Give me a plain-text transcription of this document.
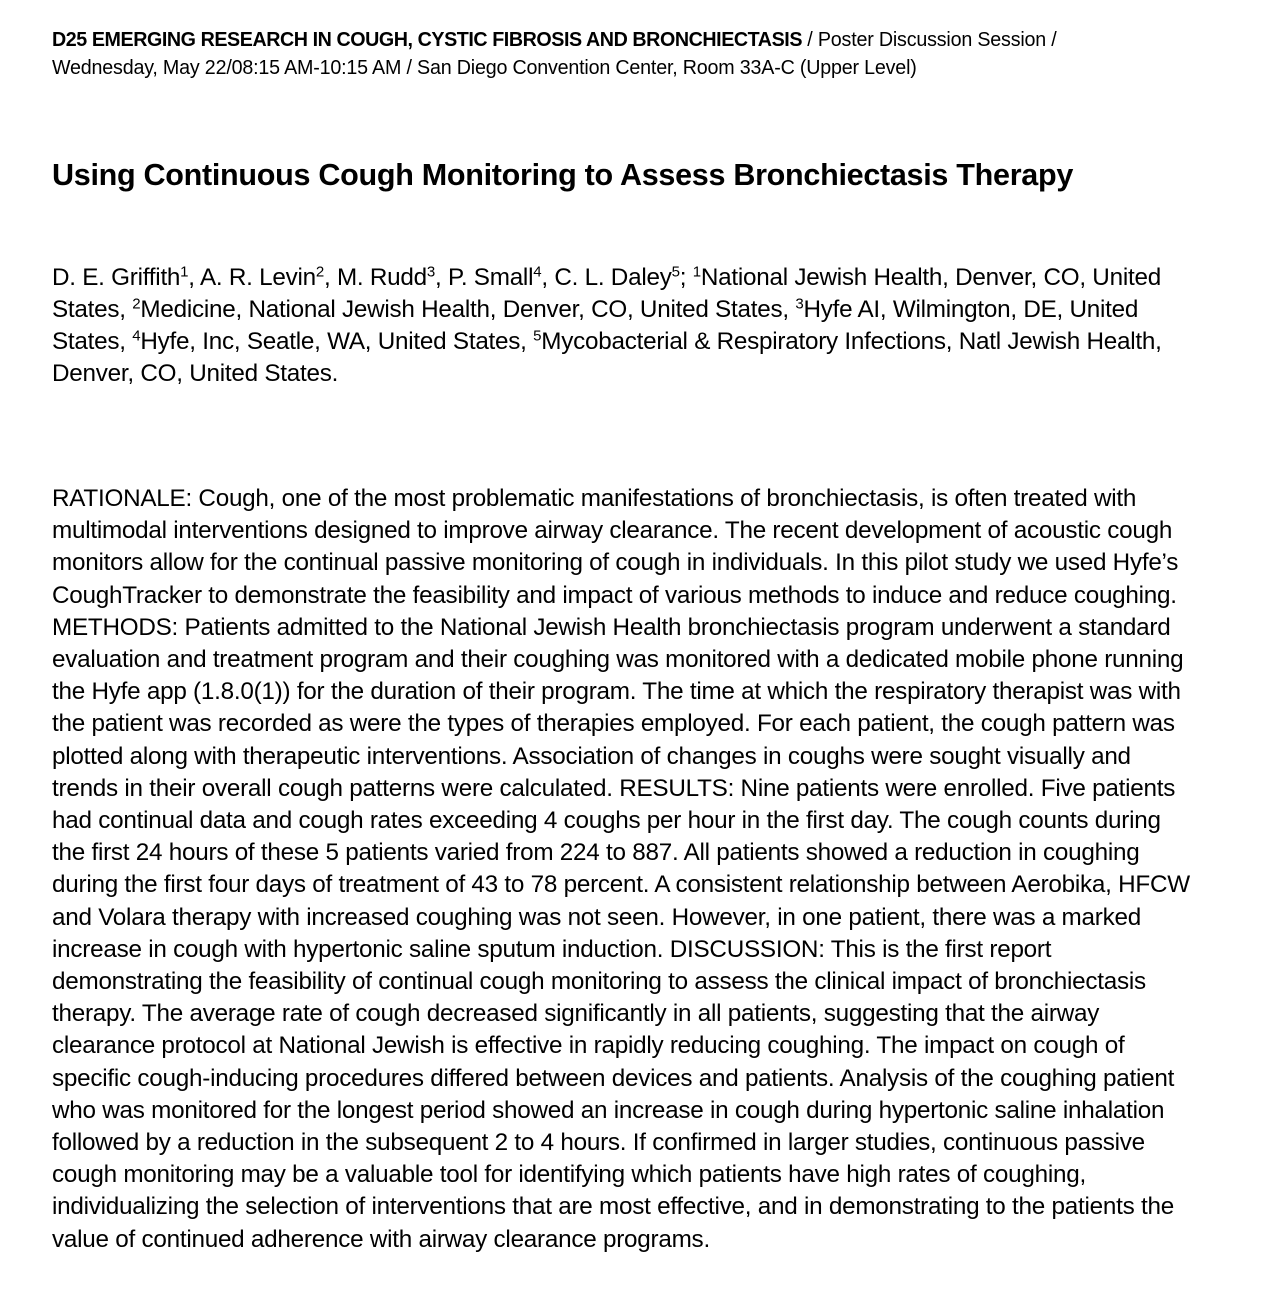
D25 EMERGING RESEARCH IN COUGH, CYSTIC FIBROSIS AND BRONCHIECTASIS / Poster Discussion Session / Wednesday, May 22/08:15 AM-10:15 AM / San Diego Convention Center, Room 33A-C (Upper Level)
Using Continuous Cough Monitoring to Assess Bronchiectasis Therapy
D. E. Griffith$^1$, A. R. Levin$^2$, M. Rudd$^3$, P. Small$^4$, C. L. Daley$^5$; $^1$National Jewish Health, Denver, CO, United States, $^2$Medicine, National Jewish Health, Denver, CO, United States, $^3$Hyfe AI, Wilmington, DE, United States, $^4$Hyfe, Inc, Seatle, WA, United States, $^5$Mycobacterial & Respiratory Infections, Natl Jewish Health, Denver, CO, United States.

RATIONALE: Cough, one of the most problematic manifestations of bronchiectasis, is often treated with multimodal interventions designed to improve airway clearance. The recent development of acoustic cough monitors allow for the continual passive monitoring of cough in individuals. In this pilot study we used Hyfe’s CoughTracker to demonstrate the feasibility and impact of various methods to induce and reduce coughing. METHODS: Patients admitted to the National Jewish Health bronchiectasis program underwent a standard evaluation and treatment program and their coughing was monitored with a dedicated mobile phone running the Hyfe app (1.8.0(1)) for the duration of their program. The time at which the respiratory therapist was with the patient was recorded as were the types of therapies employed. For each patient, the cough pattern was plotted along with therapeutic interventions. Association of changes in coughs were sought visually and trends in their overall cough patterns were calculated. RESULTS: Nine patients were enrolled. Five patients had continual data and cough rates exceeding 4 coughs per hour in the first day. The cough counts during the first 24 hours of these 5 patients varied from 224 to 887. All patients showed a reduction in coughing during the first four days of treatment of 43 to 78 percent. A consistent relationship between Aerobika, HFCW and Volara therapy with increased coughing was not seen. However, in one patient, there was a marked increase in cough with hypertonic saline sputum induction. DISCUSSION: This is the first report demonstrating the feasibility of continual cough monitoring to assess the clinical impact of bronchiectasis therapy. The average rate of cough decreased significantly in all patients, suggesting that the airway clearance protocol at National Jewish is effective in rapidly reducing coughing. The impact on cough of specific cough-inducing procedures differed between devices and patients. Analysis of the coughing patient who was monitored for the longest period showed an increase in cough during hypertonic saline inhalation followed by a reduction in the subsequent 2 to 4 hours. If confirmed in larger studies, continuous passive cough monitoring may be a valuable tool for identifying which patients have high rates of coughing, individualizing the selection of interventions that are most effective, and in demonstrating to the patients the value of continued adherence with airway clearance programs.
